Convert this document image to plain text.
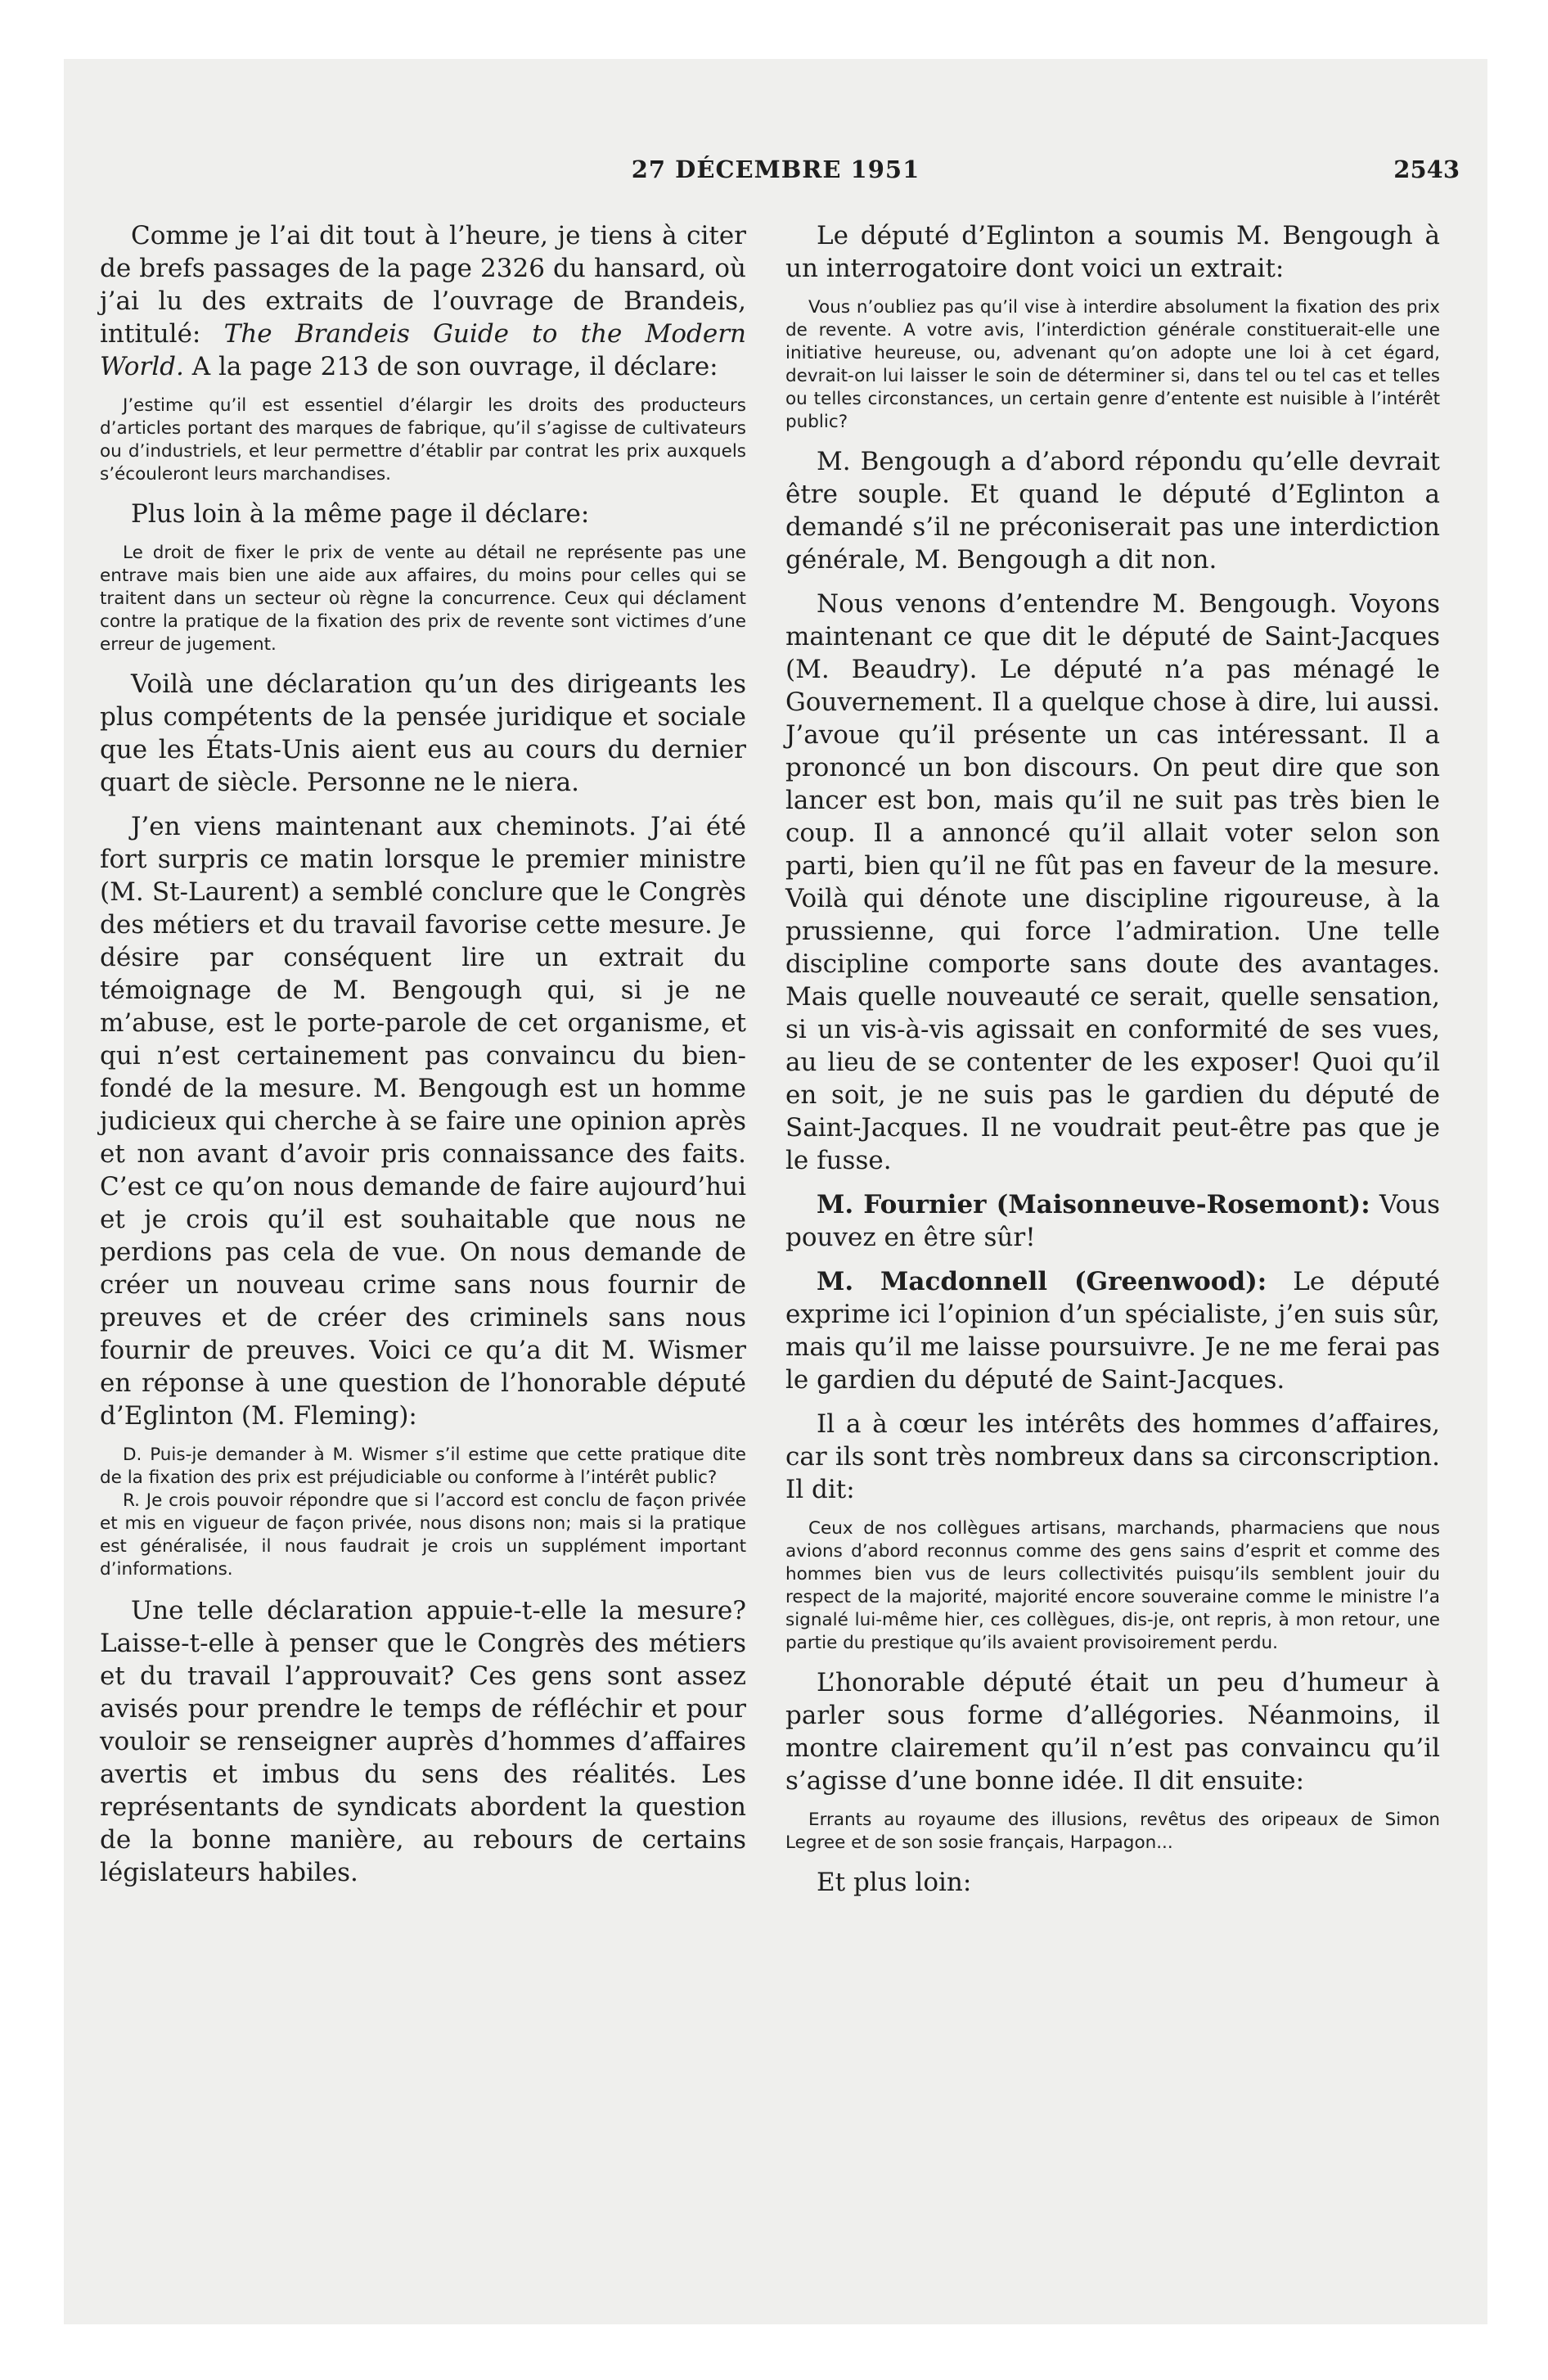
27 DÉCEMBRE 1951	2543

Comme je l’ai dit tout à l’heure, je tiens à citer de brefs passages de la page 2326 du hansard, où j’ai lu des extraits de l’ouvrage de Brandeis, intitulé: The Brandeis Guide to the Modern World. A la page 213 de son ouvrage, il déclare:

J’estime qu’il est essentiel d’élargir les droits des producteurs d’articles portant des marques de fabrique, qu’il s’agisse de cultivateurs ou d’industriels, et leur permettre d’établir par contrat les prix auxquels s’écouleront leurs marchandises.

Plus loin à la même page il déclare:

Le droit de fixer le prix de vente au détail ne représente pas une entrave mais bien une aide aux affaires, du moins pour celles qui se traitent dans un secteur où règne la concurrence. Ceux qui déclament contre la pratique de la fixation des prix de revente sont victimes d’une erreur de jugement.

Voilà une déclaration qu’un des dirigeants les plus compétents de la pensée juridique et sociale que les États-Unis aient eus au cours du dernier quart de siècle. Personne ne le niera.

J’en viens maintenant aux cheminots. J’ai été fort surpris ce matin lorsque le premier ministre (M. St-Laurent) a semblé conclure que le Congrès des métiers et du travail favorise cette mesure. Je désire par conséquent lire un extrait du témoignage de M. Bengough qui, si je ne m’abuse, est le porte-parole de cet organisme, et qui n’est certainement pas convaincu du bien-fondé de la mesure. M. Bengough est un homme judicieux qui cherche à se faire une opinion après et non avant d’avoir pris connaissance des faits. C’est ce qu’on nous demande de faire aujourd’hui et je crois qu’il est souhaitable que nous ne perdions pas cela de vue. On nous demande de créer un nouveau crime sans nous fournir de preuves et de créer des criminels sans nous fournir de preuves. Voici ce qu’a dit M. Wismer en réponse à une question de l’honorable député d’Eglinton (M. Fleming):

D. Puis-je demander à M. Wismer s’il estime que cette pratique dite de la fixation des prix est préjudiciable ou conforme à l’intérêt public?

R. Je crois pouvoir répondre que si l’accord est conclu de façon privée et mis en vigueur de façon privée, nous disons non; mais si la pratique est généralisée, il nous faudrait je crois un supplément important d’informations.

Une telle déclaration appuie-t-elle la mesure? Laisse-t-elle à penser que le Congrès des métiers et du travail l’approuvait? Ces gens sont assez avisés pour prendre le temps de réfléchir et pour vouloir se renseigner auprès d’hommes d’affaires avertis et imbus du sens des réalités. Les représentants de syndicats abordent la question de la bonne manière, au rebours de certains législateurs habiles.

Le député d’Eglinton a soumis M. Bengough à un interrogatoire dont voici un extrait:

Vous n’oubliez pas qu’il vise à interdire absolument la fixation des prix de revente. A votre avis, l’interdiction générale constituerait-elle une initiative heureuse, ou, advenant qu’on adopte une loi à cet égard, devrait-on lui laisser le soin de déterminer si, dans tel ou tel cas et telles ou telles circonstances, un certain genre d’entente est nuisible à l’intérêt public?

M. Bengough a d’abord répondu qu’elle devrait être souple. Et quand le député d’Eglinton a demandé s’il ne préconiserait pas une interdiction générale, M. Bengough a dit non.

Nous venons d’entendre M. Bengough. Voyons maintenant ce que dit le député de Saint-Jacques (M. Beaudry). Le député n’a pas ménagé le Gouvernement. Il a quelque chose à dire, lui aussi. J’avoue qu’il présente un cas intéressant. Il a prononcé un bon discours. On peut dire que son lancer est bon, mais qu’il ne suit pas très bien le coup. Il a annoncé qu’il allait voter selon son parti, bien qu’il ne fût pas en faveur de la mesure. Voilà qui dénote une discipline rigoureuse, à la prussienne, qui force l’admiration. Une telle discipline comporte sans doute des avantages. Mais quelle nouveauté ce serait, quelle sensation, si un vis-à-vis agissait en conformité de ses vues, au lieu de se contenter de les exposer! Quoi qu’il en soit, je ne suis pas le gardien du député de Saint-Jacques. Il ne voudrait peut-être pas que je le fusse.

M. Fournier (Maisonneuve-Rosemont): Vous pouvez en être sûr!

M. Macdonnell (Greenwood): Le député exprime ici l’opinion d’un spécialiste, j’en suis sûr, mais qu’il me laisse poursuivre. Je ne me ferai pas le gardien du député de Saint-Jacques.

Il a à cœur les intérêts des hommes d’affaires, car ils sont très nombreux dans sa circonscription. Il dit:

Ceux de nos collègues artisans, marchands, pharmaciens que nous avions d’abord reconnus comme des gens sains d’esprit et comme des hommes bien vus de leurs collectivités puisqu’ils semblent jouir du respect de la majorité, majorité encore souveraine comme le ministre l’a signalé lui-même hier, ces collègues, dis-je, ont repris, à mon retour, une partie du prestique qu’ils avaient provisoirement perdu.

L’honorable député était un peu d’humeur à parler sous forme d’allégories. Néanmoins, il montre clairement qu’il n’est pas convaincu qu’il s’agisse d’une bonne idée. Il dit ensuite:

Errants au royaume des illusions, revêtus des oripeaux de Simon Legree et de son sosie français, Harpagon...

Et plus loin:
